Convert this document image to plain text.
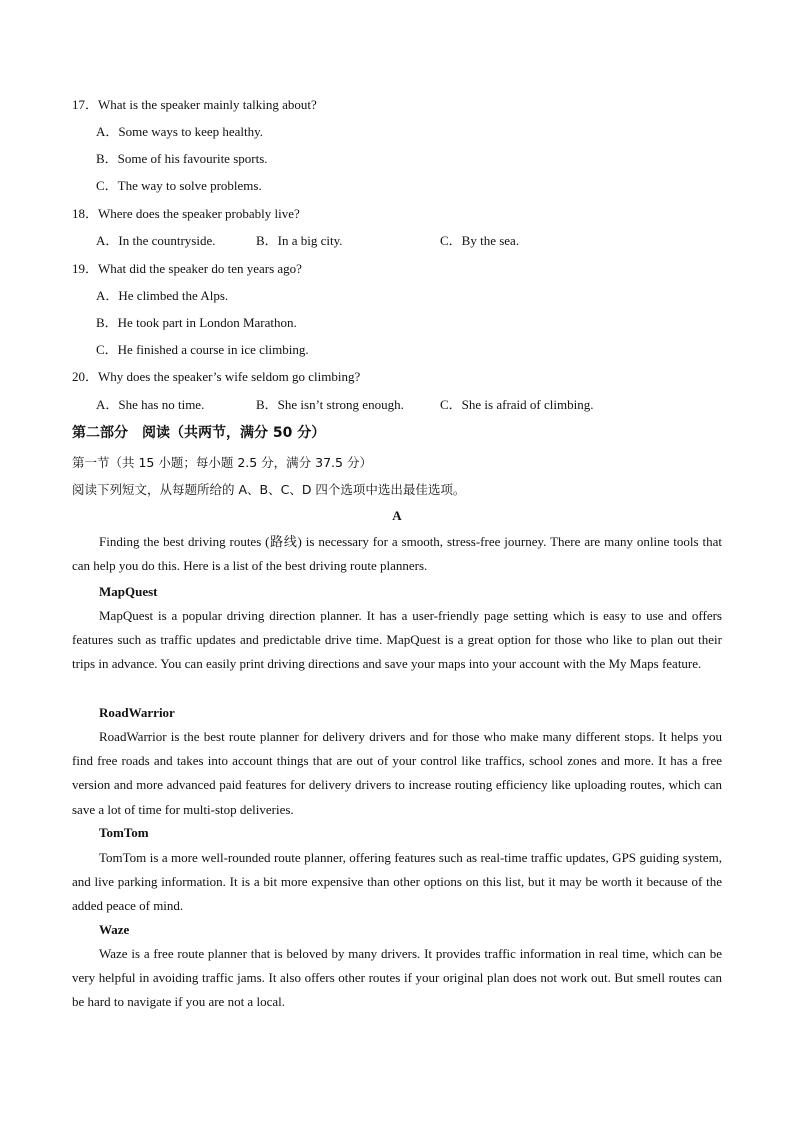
17．What is the speaker mainly talking about?
A．Some ways to keep healthy.
B．Some of his favourite sports.
C．The way to solve problems.
18．Where does the speaker probably live?
A．In the countryside.	B．In a big city.	C．By the sea.
19．What did the speaker do ten years ago?
A．He climbed the Alps.
B．He took part in London Marathon.
C．He finished a course in ice climbing.
20．Why does the speaker’s wife seldom go climbing?
A．She has no time.	B．She isn’t strong enough.	C．She is afraid of climbing.
第二部分　阅读（共两节，满分 50 分）
第一节（共 15 小题；每小题 2.5 分，满分 37.5 分）
阅读下列短文，从每题所给的 A、B、C、D 四个选项中选出最佳选项。
A
Finding the best driving routes (路线) is necessary for a smooth, stress-free journey. There are many online tools that can help you do this. Here is a list of the best driving route planners.
MapQuest
MapQuest is a popular driving direction planner. It has a user-friendly page setting which is easy to use and offers features such as traffic updates and predictable drive time. MapQuest is a great option for those who like to plan out their trips in advance. You can easily print driving directions and save your maps into your account with the My Maps feature.
RoadWarrior
RoadWarrior is the best route planner for delivery drivers and for those who make many different stops. It helps you find free roads and takes into account things that are out of your control like traffics, school zones and more. It has a free version and more advanced paid features for delivery drivers to increase routing efficiency like uploading routes, which can save a lot of time for multi-stop deliveries.
TomTom
TomTom is a more well-rounded route planner, offering features such as real-time traffic updates, GPS guiding system, and live parking information. It is a bit more expensive than other options on this list, but it may be worth it because of the added peace of mind.
Waze
Waze is a free route planner that is beloved by many drivers. It provides traffic information in real time, which can be very helpful in avoiding traffic jams. It also offers other routes if your original plan does not work out. But smell routes can be hard to navigate if you are not a local.
